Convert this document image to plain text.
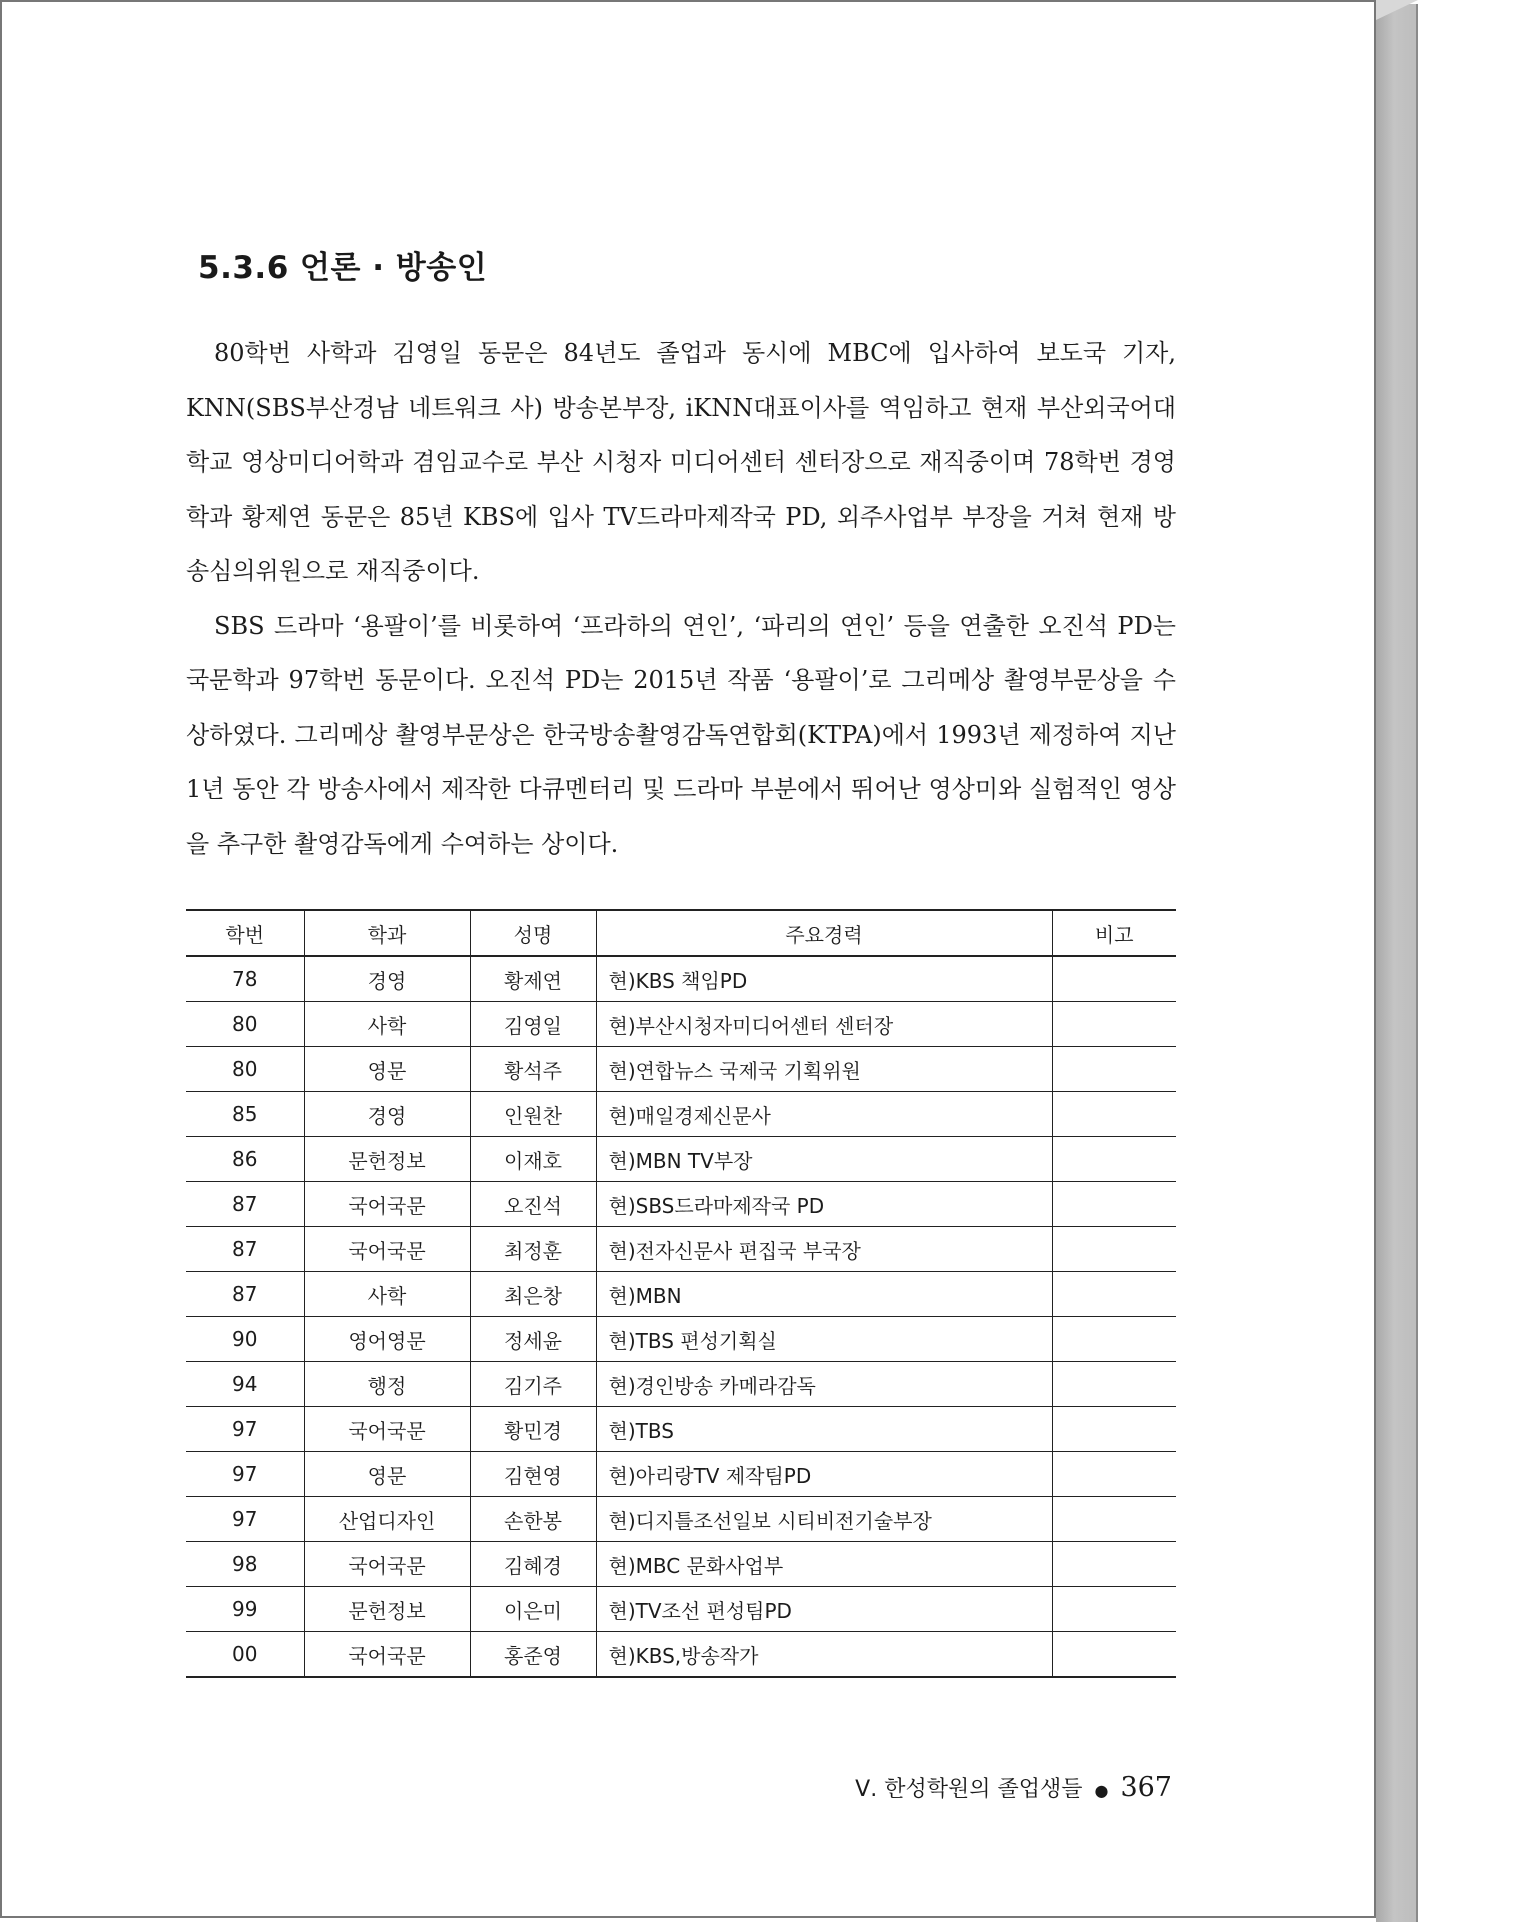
5.3.6 언론 · 방송인

80학번 사학과 김영일 동문은 84년도 졸업과 동시에 MBC에 입사하여 보도국 기자, KNN(SBS부산경남 네트워크 사) 방송본부장, iKNN대표이사를 역임하고 현재 부산외국어대학교 영상미디어학과 겸임교수로 부산 시청자 미디어센터 센터장으로 재직중이며 78학번 경영학과 황제연 동문은 85년 KBS에 입사 TV드라마제작국 PD, 외주사업부 부장을 거쳐 현재 방송심의위원으로 재직중이다.

SBS 드라마 ‘용팔이’를 비롯하여 ‘프라하의 연인’, ‘파리의 연인’ 등을 연출한 오진석 PD는 국문학과 97학번 동문이다. 오진석 PD는 2015년 작품 ‘용팔이’로 그리메상 촬영부문상을 수상하였다. 그리메상 촬영부문상은 한국방송촬영감독연합회(KTPA)에서 1993년 제정하여 지난 1년 동안 각 방송사에서 제작한 다큐멘터리 및 드라마 부분에서 뛰어난 영상미와 실험적인 영상을 추구한 촬영감독에게 수여하는 상이다.

학번	학과	성명	주요경력	비고
78	경영	황제연	현)KBS 책임PD	
80	사학	김영일	현)부산시청자미디어센터 센터장	
80	영문	황석주	현)연합뉴스 국제국 기획위원	
85	경영	인원찬	현)매일경제신문사	
86	문헌정보	이재호	현)MBN TV부장	
87	국어국문	오진석	현)SBS드라마제작국 PD	
87	국어국문	최정훈	현)전자신문사 편집국 부국장	
87	사학	최은창	현)MBN	
90	영어영문	정세윤	현)TBS 편성기획실	
94	행정	김기주	현)경인방송 카메라감독	
97	국어국문	황민경	현)TBS	
97	영문	김현영	현)아리랑TV 제작팀PD	
97	산업디자인	손한봉	현)디지틀조선일보 시티비전기술부장	
98	국어국문	김혜경	현)MBC 문화사업부	
99	문헌정보	이은미	현)TV조선 편성팀PD	
00	국어국문	홍준영	현)KBS,방송작가	
Ⅴ. 한성학원의 졸업생들 ● 367
